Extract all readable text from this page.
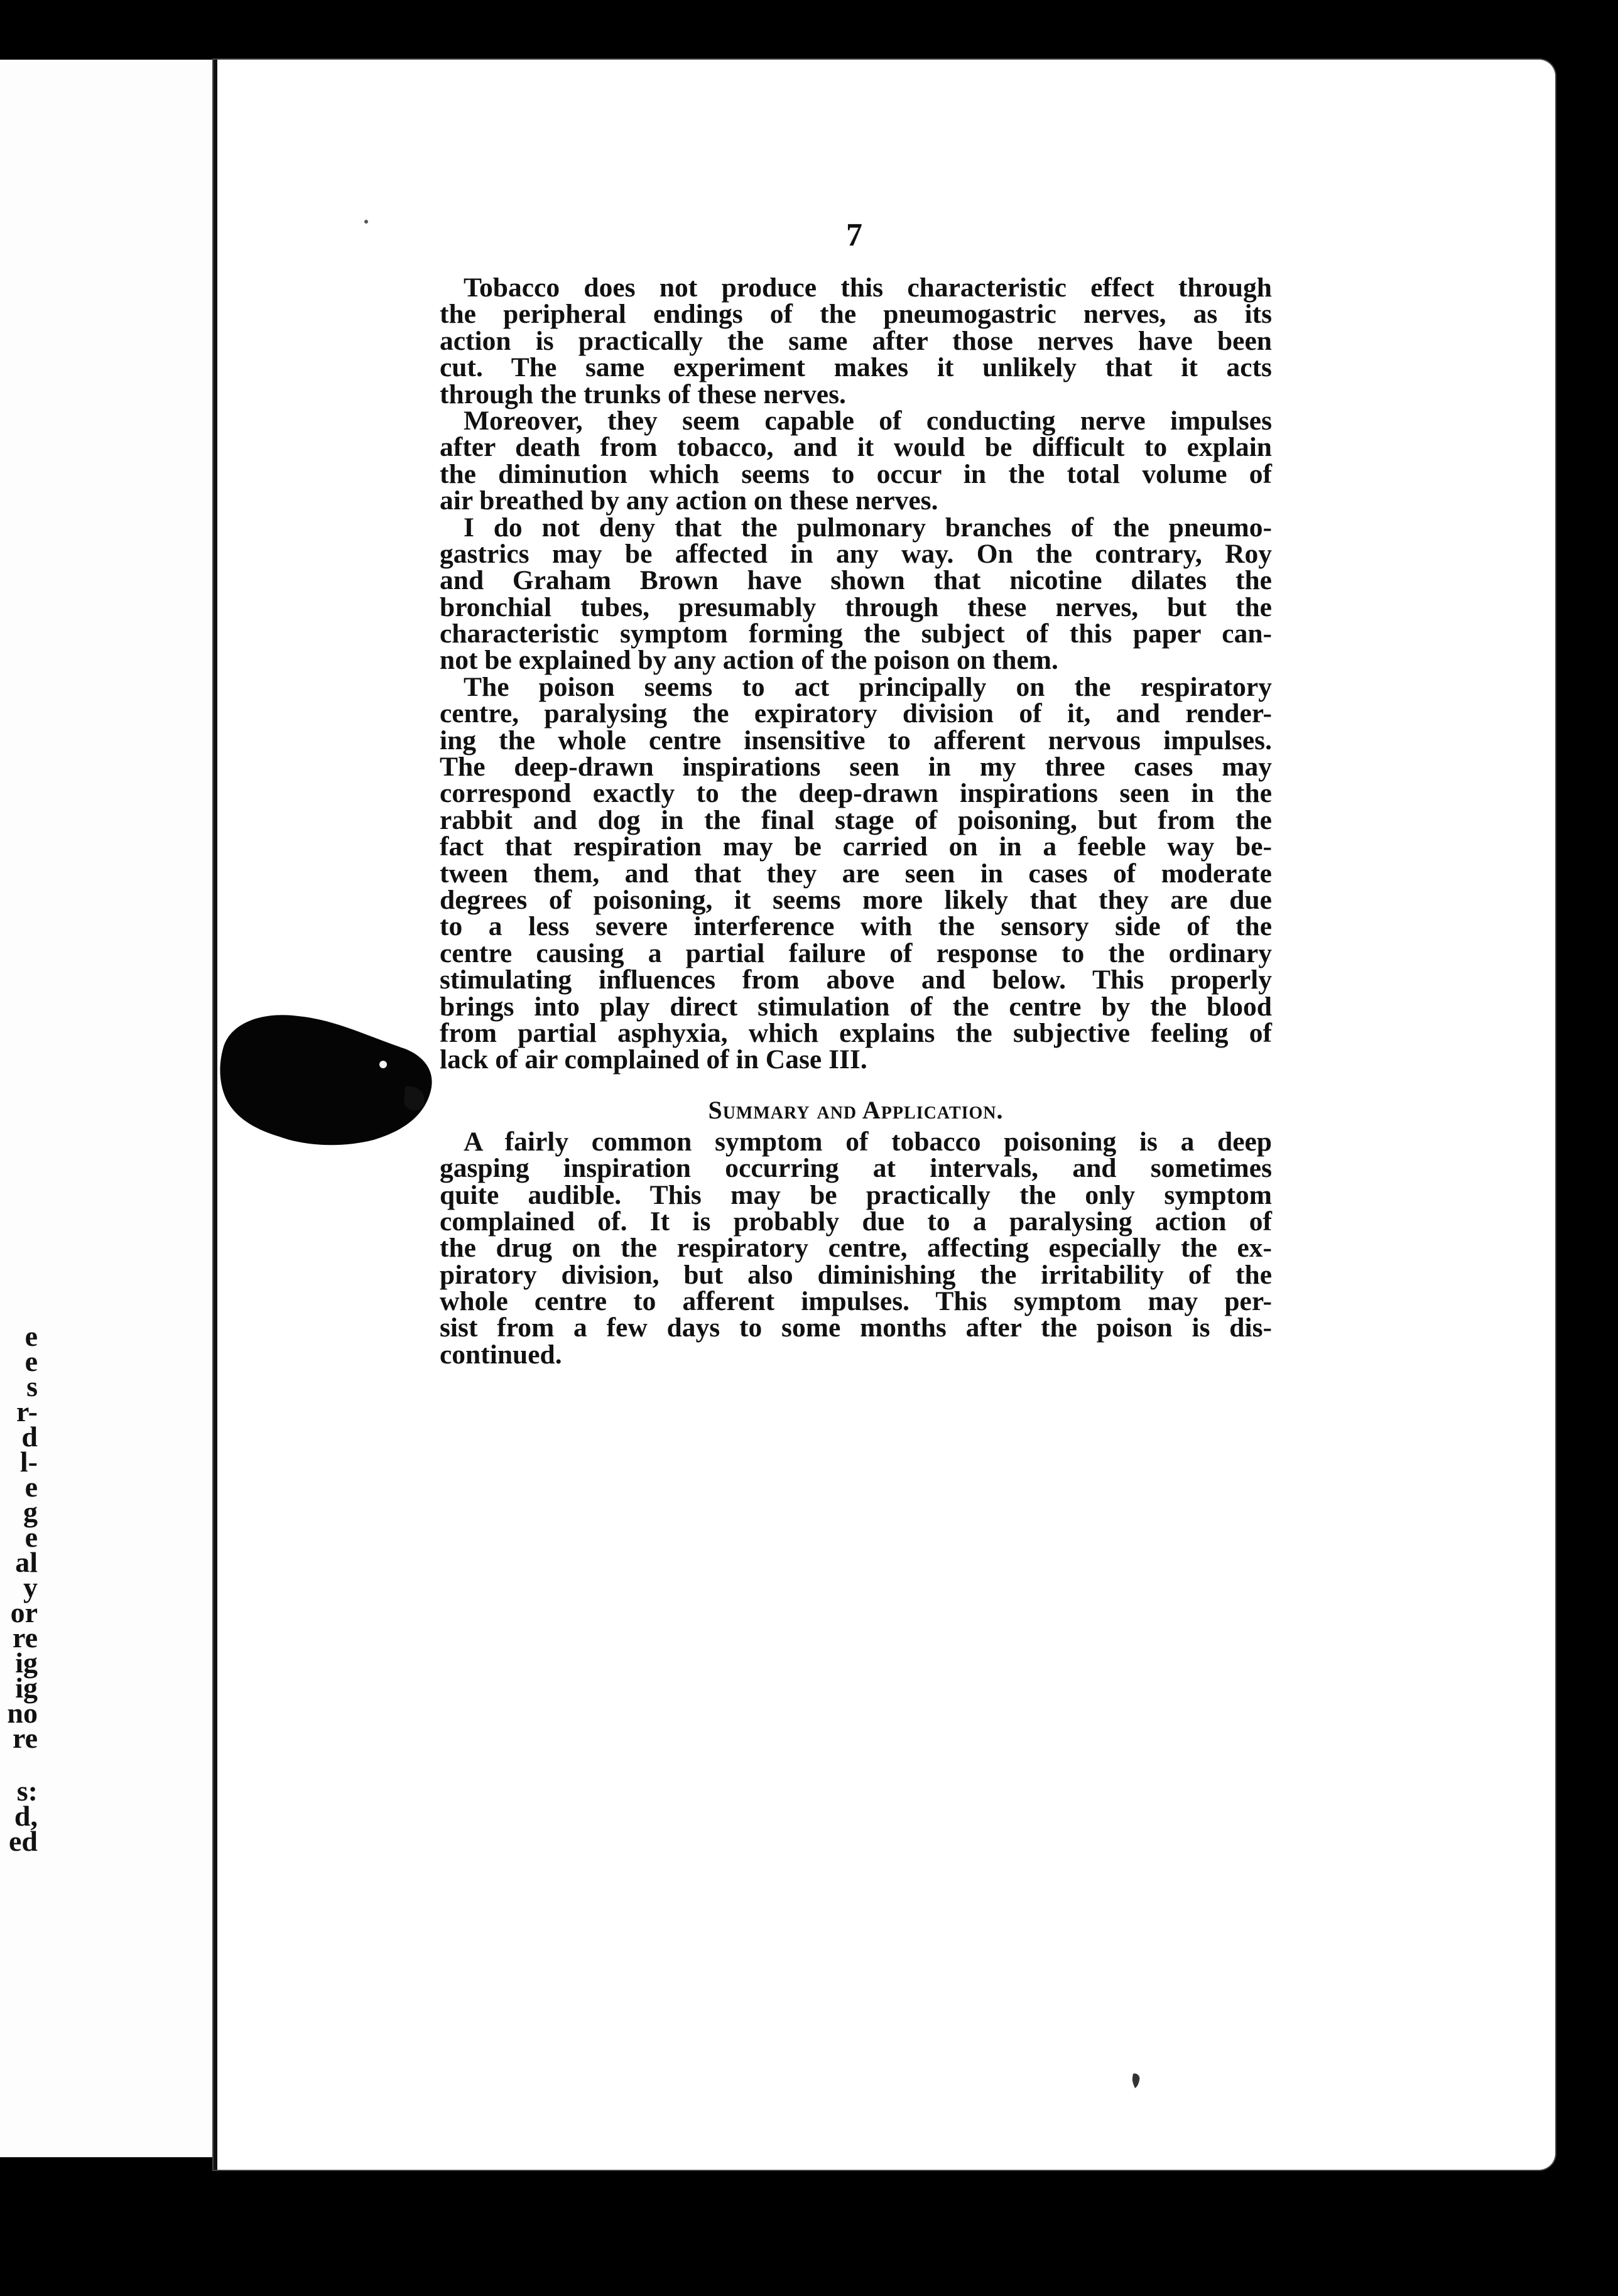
e
e
s
r-
d
l-
e
g
e
al
y
or
re
ig
ig
no
re
s:
d,
ed
7

Tobacco does not produce this characteristic effect through
the peripheral endings of the pneumogastric nerves, as its
action is practically the same after those nerves have been
cut. The same experiment makes it unlikely that it acts
through the trunks of these nerves.

Moreover, they seem capable of conducting nerve impulses
after death from tobacco, and it would be difficult to explain
the diminution which seems to occur in the total volume of
air breathed by any action on these nerves.

I do not deny that the pulmonary branches of the pneumo-
gastrics may be affected in any way. On the contrary, Roy
and Graham Brown have shown that nicotine dilates the
bronchial tubes, presumably through these nerves, but the
characteristic symptom forming the subject of this paper can-
not be explained by any action of the poison on them.

The poison seems to act principally on the respiratory
centre, paralysing the expiratory division of it, and render-
ing the whole centre insensitive to afferent nervous impulses.
The deep-drawn inspirations seen in my three cases may
correspond exactly to the deep-drawn inspirations seen in the
rabbit and dog in the final stage of poisoning, but from the
fact that respiration may be carried on in a feeble way be-
tween them, and that they are seen in cases of moderate
degrees of poisoning, it seems more likely that they are due
to a less severe interference with the sensory side of the
centre causing a partial failure of response to the ordinary
stimulating influences from above and below. This properly
brings into play direct stimulation of the centre by the blood
from partial asphyxia, which explains the subjective feeling of
lack of air complained of in Case III.

Summary and Application.
A fairly common symptom of tobacco poisoning is a deep
gasping inspiration occurring at intervals, and sometimes
quite audible. This may be practically the only symptom
complained of. It is probably due to a paralysing action of
the drug on the respiratory centre, affecting especially the ex-
piratory division, but also diminishing the irritability of the
whole centre to afferent impulses. This symptom may per-
sist from a few days to some months after the poison is dis-
continued.
